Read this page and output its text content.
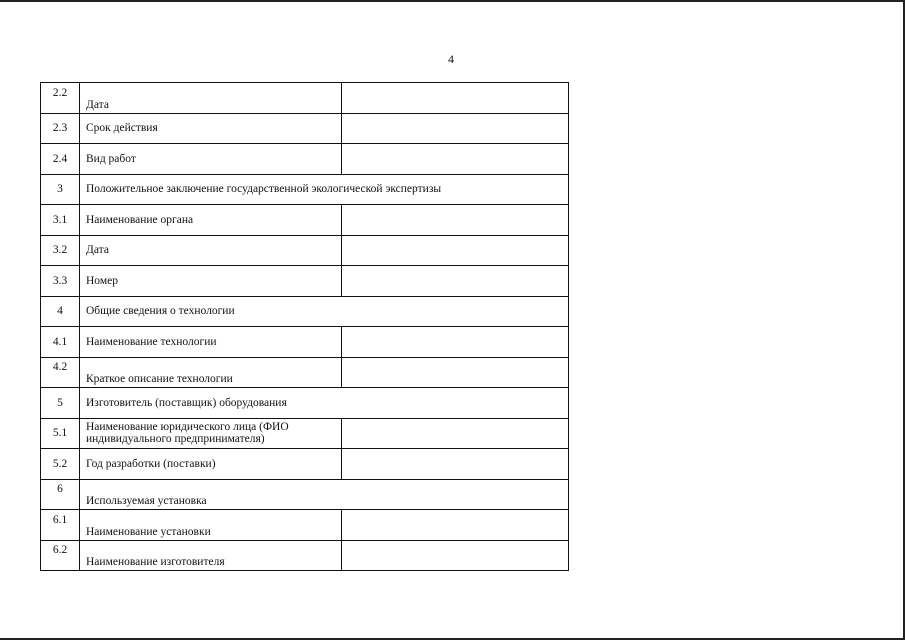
4
2.2	Дата	

2.3	Срок действия	
2.4	Вид работ	
3	Положительное заключение государственной экологической экспертизы	
3.1	Наименование органа	
3.2	Дата	
3.3	Номер	
4	Общие сведения о технологии	
4.1	Наименование технологии	

4.2	Краткое описание технологии	

5	Изготовитель (поставщик) оборудования	
5.1	Наименование юридического лица (ФИО индивидуального предпринимателя)	
5.2	Год разработки (поставки)	

6	Используемая установка	

6.1	Наименование установки	

6.2	Наименование изготовителя	
